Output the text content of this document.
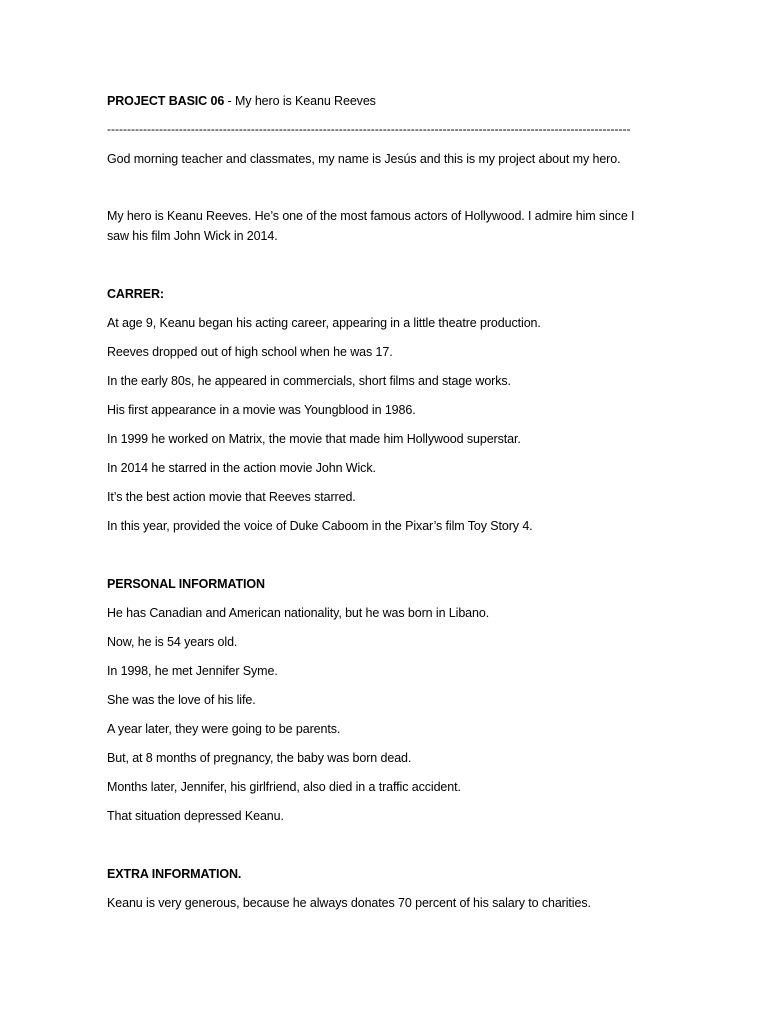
PROJECT BASIC 06 - My hero is Keanu Reeves
-----------------------------------------------------------------------------------------------------------------------------------
God morning teacher and classmates, my name is Jesús and this is my project about my hero.
My hero is Keanu Reeves. He’s one of the most famous actors of Hollywood. I admire him since I
saw his film John Wick in 2014.
CARRER:
At age 9, Keanu began his acting career, appearing in a little theatre production.
Reeves dropped out of high school when he was 17.
In the early 80s, he appeared in commercials, short films and stage works.
His first appearance in a movie was Youngblood in 1986.
In 1999 he worked on Matrix, the movie that made him Hollywood superstar.
In 2014 he starred in the action movie John Wick.
It’s the best action movie that Reeves starred.
In this year, provided the voice of Duke Caboom in the Pixar’s film Toy Story 4.
PERSONAL INFORMATION
He has Canadian and American nationality, but he was born in Libano.
Now, he is 54 years old.
In 1998, he met Jennifer Syme.
She was the love of his life.
A year later, they were going to be parents.
But, at 8 months of pregnancy, the baby was born dead.
Months later, Jennifer, his girlfriend, also died in a traffic accident.
That situation depressed Keanu.
EXTRA INFORMATION.
Keanu is very generous, because he always donates 70 percent of his salary to charities.
